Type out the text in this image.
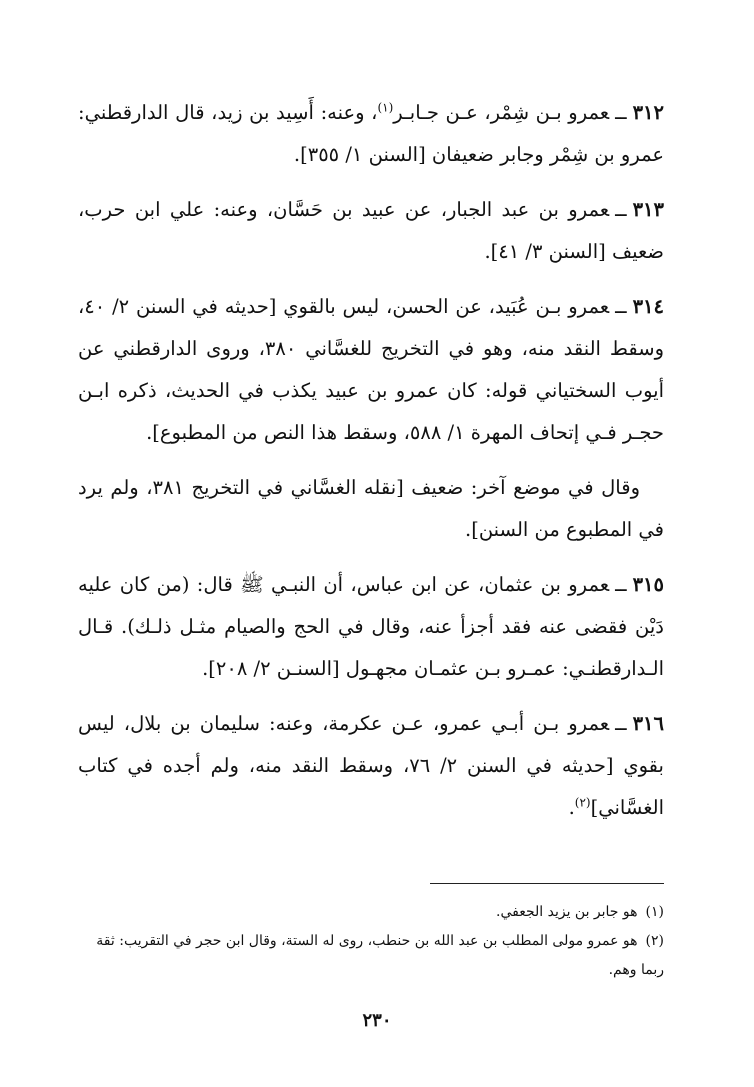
٣١٢ــعمرو بـن شِمْر، عـن جـابـر$^{(١)}$، وعنه: أَسِيد بن زيد، قال الدارقطني: عمرو بن شِمْر وجابر ضعيفان [السنن ١/ ٣٥٥].

٣١٣ــعمرو بن عبد الجبار، عن عبيد بن حَسَّان، وعنه: علي ابن حرب، ضعيف [السنن ٣/ ٤١].

٣١٤ــعمرو بـن عُبَيد، عن الحسن، ليس بالقوي [حديثه في السنن ٢/ ٤٠، وسقط النقد منه، وهو في التخريج للغسَّاني ٣٨٠، وروى الدارقطني عن أيوب السختياني قوله: كان عمرو بن عبيد يكذب في الحديث، ذكره ابـن حجـر فـي إتحاف المهرة ١/ ٥٨٨، وسقط هذا النص من المطبوع].

وقال في موضع آخر: ضعيف [نقله الغسَّاني في التخريج ٣٨١، ولم يرد في المطبوع من السنن].

٣١٥ــعمرو بن عثمان، عن ابن عباس، أن النبـي ﷺ قال: (من كان عليه دَيْن فقضى عنه فقد أجزأ عنه، وقال في الحج والصيام مثـل ذلـك). قـال الـدارقطنـي: عمـرو بـن عثمـان مجهـول [السنـن ٢/ ٢٠٨].

٣١٦ــعمرو بـن أبـي عمرو، عـن عكرمة، وعنه: سليمان بن بلال، ليس بقوي [حديثه في السنن ٢/ ٧٦، وسقط النقد منه، ولم أجده في كتاب الغسَّاني]$^{(٢)}$.

(١)هو جابر بن يزيد الجعفي.

(٢)هو عمرو مولى المطلب بن عبد الله بن حنطب، روى له الستة، وقال ابن حجر في التقريب: ثقة ربما وهم.

٢٣٠
